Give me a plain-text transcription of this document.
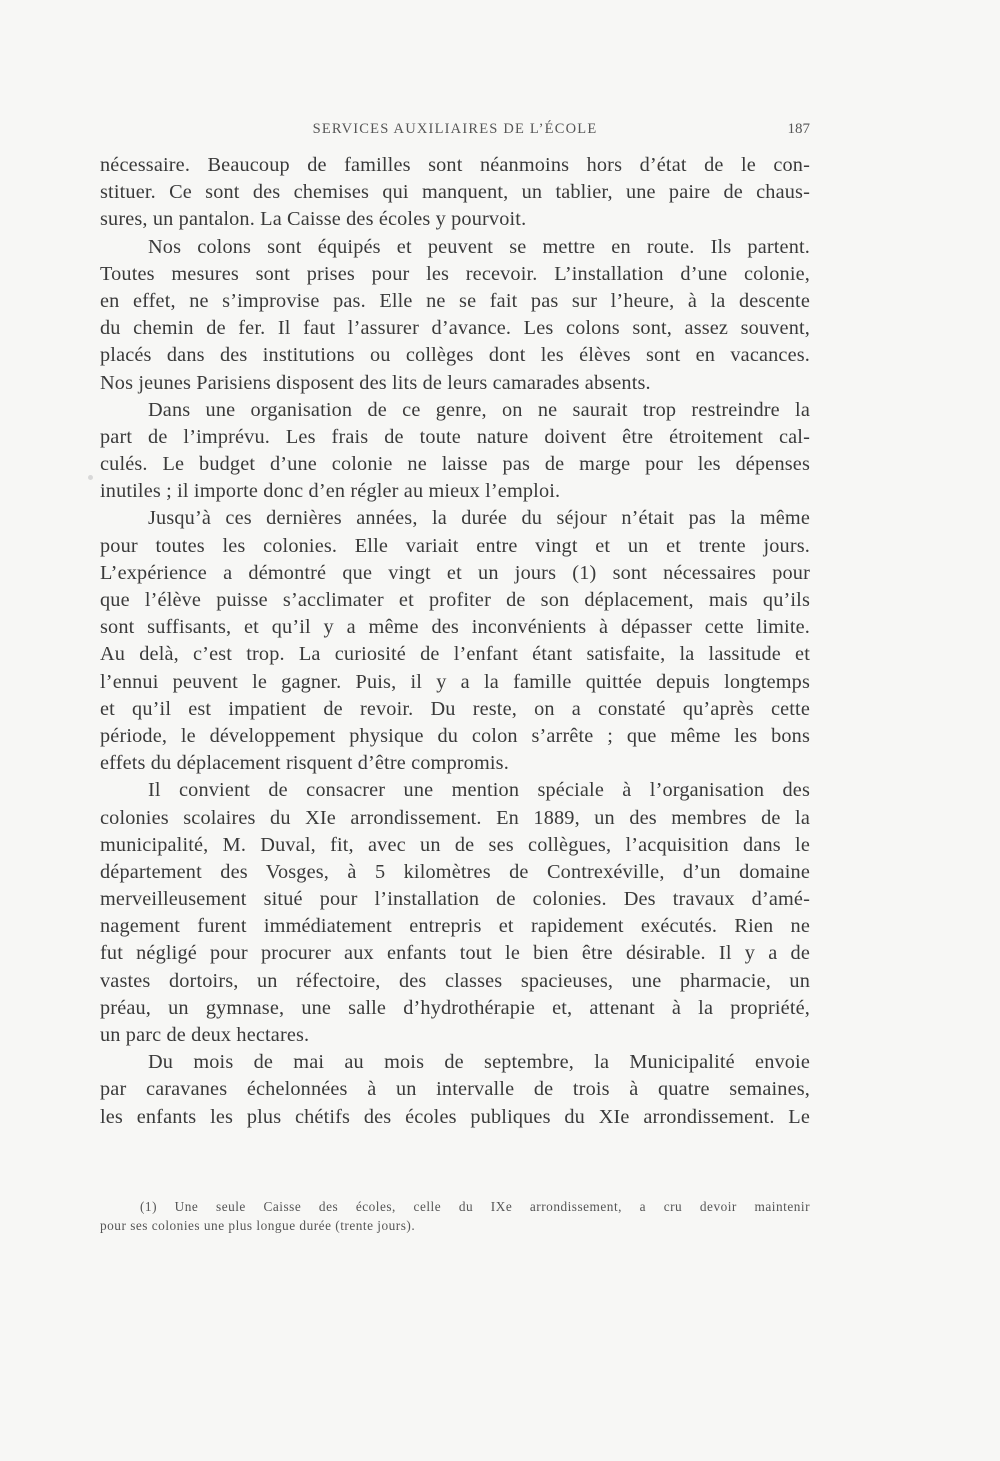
SERVICES AUXILIAIRES DE L’ÉCOLE	187
nécessaire. Beaucoup de familles sont néanmoins hors d’état de le con-
stituer. Ce sont des chemises qui manquent, un tablier, une paire de chaus-
sures, un pantalon. La Caisse des écoles y pourvoit.
Nos colons sont équipés et peuvent se mettre en route. Ils partent.
Toutes mesures sont prises pour les recevoir. L’installation d’une colonie,
en effet, ne s’improvise pas. Elle ne se fait pas sur l’heure, à la descente
du chemin de fer. Il faut l’assurer d’avance. Les colons sont, assez souvent,
placés dans des institutions ou collèges dont les élèves sont en vacances.
Nos jeunes Parisiens disposent des lits de leurs camarades absents.
Dans une organisation de ce genre, on ne saurait trop restreindre la
part de l’imprévu. Les frais de toute nature doivent être étroitement cal-
culés. Le budget d’une colonie ne laisse pas de marge pour les dépenses
inutiles ; il importe donc d’en régler au mieux l’emploi.
Jusqu’à ces dernières années, la durée du séjour n’était pas la même
pour toutes les colonies. Elle variait entre vingt et un et trente jours.
L’expérience a démontré que vingt et un jours (1) sont nécessaires pour
que l’élève puisse s’acclimater et profiter de son déplacement, mais qu’ils
sont suffisants, et qu’il y a même des inconvénients à dépasser cette limite.
Au delà, c’est trop. La curiosité de l’enfant étant satisfaite, la lassitude et
l’ennui peuvent le gagner. Puis, il y a la famille quittée depuis longtemps
et qu’il est impatient de revoir. Du reste, on a constaté qu’après cette
période, le développement physique du colon s’arrête ; que même les bons
effets du déplacement risquent d’être compromis.
Il convient de consacrer une mention spéciale à l’organisation des
colonies scolaires du XIe arrondissement. En 1889, un des membres de la
municipalité, M. Duval, fit, avec un de ses collègues, l’acquisition dans le
département des Vosges, à 5 kilomètres de Contrexéville, d’un domaine
merveilleusement situé pour l’installation de colonies. Des travaux d’amé-
nagement furent immédiatement entrepris et rapidement exécutés. Rien ne
fut négligé pour procurer aux enfants tout le bien être désirable. Il y a de
vastes dortoirs, un réfectoire, des classes spacieuses, une pharmacie, un
préau, un gymnase, une salle d’hydrothérapie et, attenant à la propriété,
un parc de deux hectares.
Du mois de mai au mois de septembre, la Municipalité envoie
par caravanes échelonnées à un intervalle de trois à quatre semaines,
les enfants les plus chétifs des écoles publiques du XIe arrondissement. Le
(1) Une seule Caisse des écoles, celle du IXe arrondissement, a cru devoir maintenir
pour ses colonies une plus longue durée (trente jours).
